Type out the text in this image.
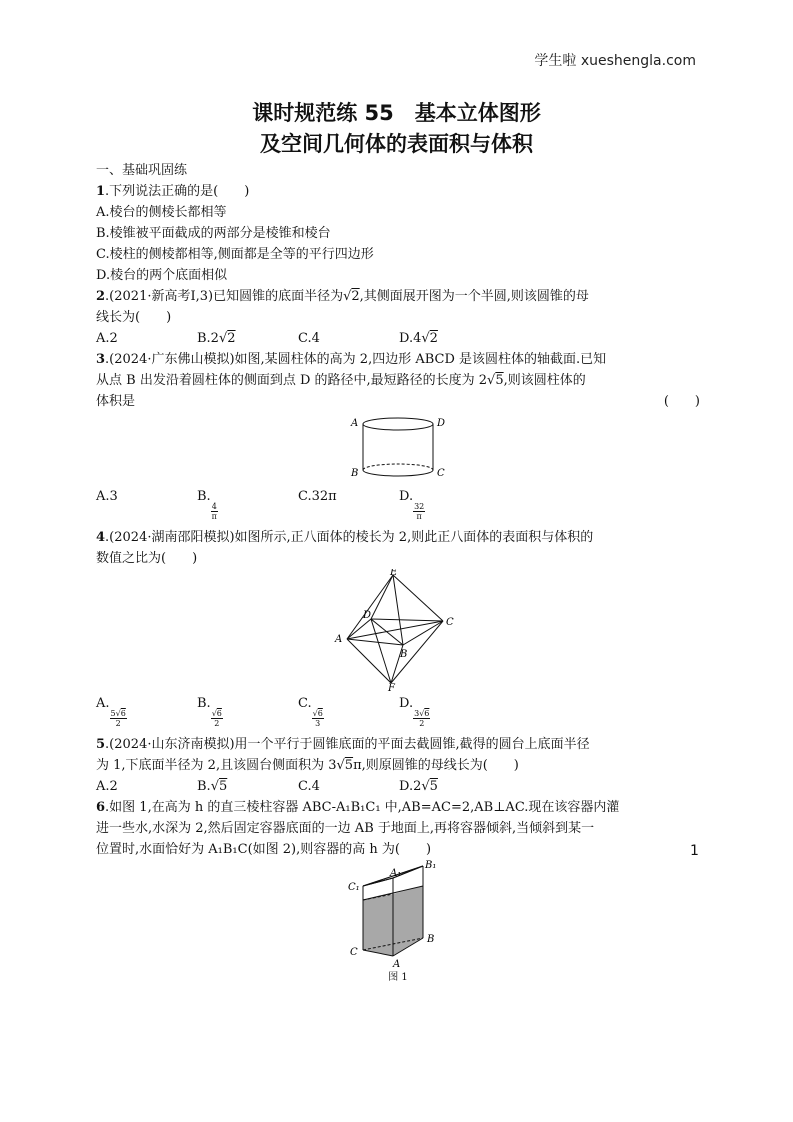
学生啦 xueshengla.com
课时规范练 55　基本立体图形
及空间几何体的表面积与体积
一、基础巩固练
1.下列说法正确的是(　　)
A.棱台的侧棱长都相等
B.棱锥被平面截成的两部分是棱锥和棱台
C.棱柱的侧棱都相等,侧面都是全等的平行四边形
D.棱台的两个底面相似
2.(2021·新高考Ⅰ,3)已知圆锥的底面半径为√2,其侧面展开图为一个半圆,则该圆锥的母
线长为(　　)
A.2	B.2√2	C.4	D.4√2
3.(2024·广东佛山模拟)如图,某圆柱体的高为 2,四边形 ABCD 是该圆柱体的轴截面.已知
从点 B 出发沿着圆柱体的侧面到点 D 的路径中,最短路径的长度为 2√5,则该圆柱体的
体积是	(　　)
A	D
B	C
A.3	B.
$\frac{4}{\pi}$
C.32π	D.
$\frac{32}{\pi}$
4.(2024·湖南邵阳模拟)如图所示,正八面体的棱长为 2,则此正八面体的表面积与体积的
数值之比为(　　)
E
F
A
C
B
D
A.
$\frac{5√6}{2}$
B.
$\frac{√6}{2}$
C.
$\frac{√6}{3}$
D.
$\frac{3√6}{2}$
5.(2024·山东济南模拟)用一个平行于圆锥底面的平面去截圆锥,截得的圆台上底面半径
为 1,下底面半径为 2,且该圆台侧面积为 3√5π,则原圆锥的母线长为(　　)
A.2	B.√5	C.4	D.2√5
6.如图 1,在高为 h 的直三棱柱容器 ABC-A₁B₁C₁ 中,AB=AC=2,AB⊥AC.现在该容器内灌
进一些水,水深为 2,然后固定容器底面的一边 AB 于地面上,再将容器倾斜,当倾斜到某一
位置时,水面恰好为 A₁B₁C(如图 2),则容器的高 h 为(　　)
C₁
A₁
B₁
B
C
A
图 1
1
